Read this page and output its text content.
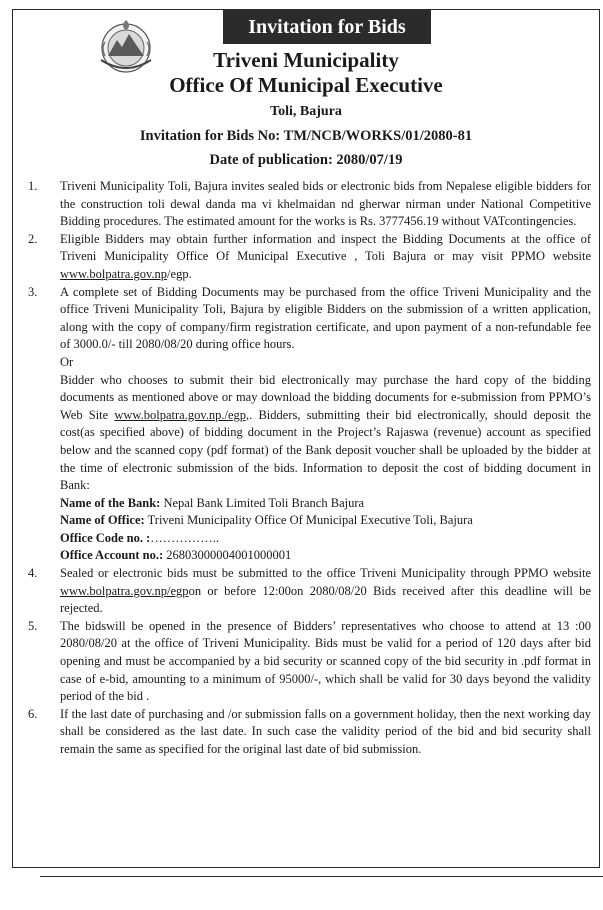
Invitation for Bids
Triveni Municipality
Office Of Municipal Executive
Toli, Bajura
Invitation for Bids No: TM/NCB/WORKS/01/2080-81
Date of publication: 2080/07/19
1. Triveni Municipality Toli, Bajura invites sealed bids or electronic bids from Nepalese eligible bidders for the construction toli dewal danda ma vi khelmaidan nd gherwar nirman under National Competitive Bidding procedures. The estimated amount for the works is Rs. 3777456.19 without VATcontingencies.
2. Eligible Bidders may obtain further information and inspect the Bidding Documents at the office of Triveni Municipality Office Of Municipal Executive , Toli Bajura or may visit PPMO website www.bolpatra.gov.np/egp.
3. A complete set of Bidding Documents may be purchased from the office Triveni Municipality and the office Triveni Municipality Toli, Bajura by eligible Bidders on the submission of a written application, along with the copy of company/firm registration certificate, and upon payment of a non-refundable fee of 3000.0/- till 2080/08/20 during office hours.
Or
Bidder who chooses to submit their bid electronically may purchase the hard copy of the bidding documents as mentioned above or may download the bidding documents for e-submission from PPMO’s Web Site www.bolpatra.gov.np./egp,. Bidders, submitting their bid electronically, should deposit the cost(as specified above) of bidding document in the Project’s Rajaswa (revenue) account as specified below and the scanned copy (pdf format) of the Bank deposit voucher shall be uploaded by the bidder at the time of electronic submission of the bids. Information to deposit the cost of bidding document in Bank:
Name of the Bank: Nepal Bank Limited Toli Branch Bajura
Name of Office: Triveni Municipality Office Of Municipal Executive Toli, Bajura
Office Code no. :……………..
Office Account no.: 26803000004001000001
4. Sealed or electronic bids must be submitted to the office Triveni Municipality through PPMO website www.bolpatra.gov.np/egpon or before 12:00on 2080/08/20 Bids received after this deadline will be rejected.
5. The bidswill be opened in the presence of Bidders’ representatives who choose to attend at 13 :00 2080/08/20 at the office of Triveni Municipality. Bids must be valid for a period of 120 days after bid opening and must be accompanied by a bid security or scanned copy of the bid security in .pdf format in case of e-bid, amounting to a minimum of 95000/-, which shall be valid for 30 days beyond the validity period of the bid .
6. If the last date of purchasing and /or submission falls on a government holiday, then the next working day shall be considered as the last date. In such case the validity period of the bid and bid security shall remain the same as specified for the original last date of bid submission.
